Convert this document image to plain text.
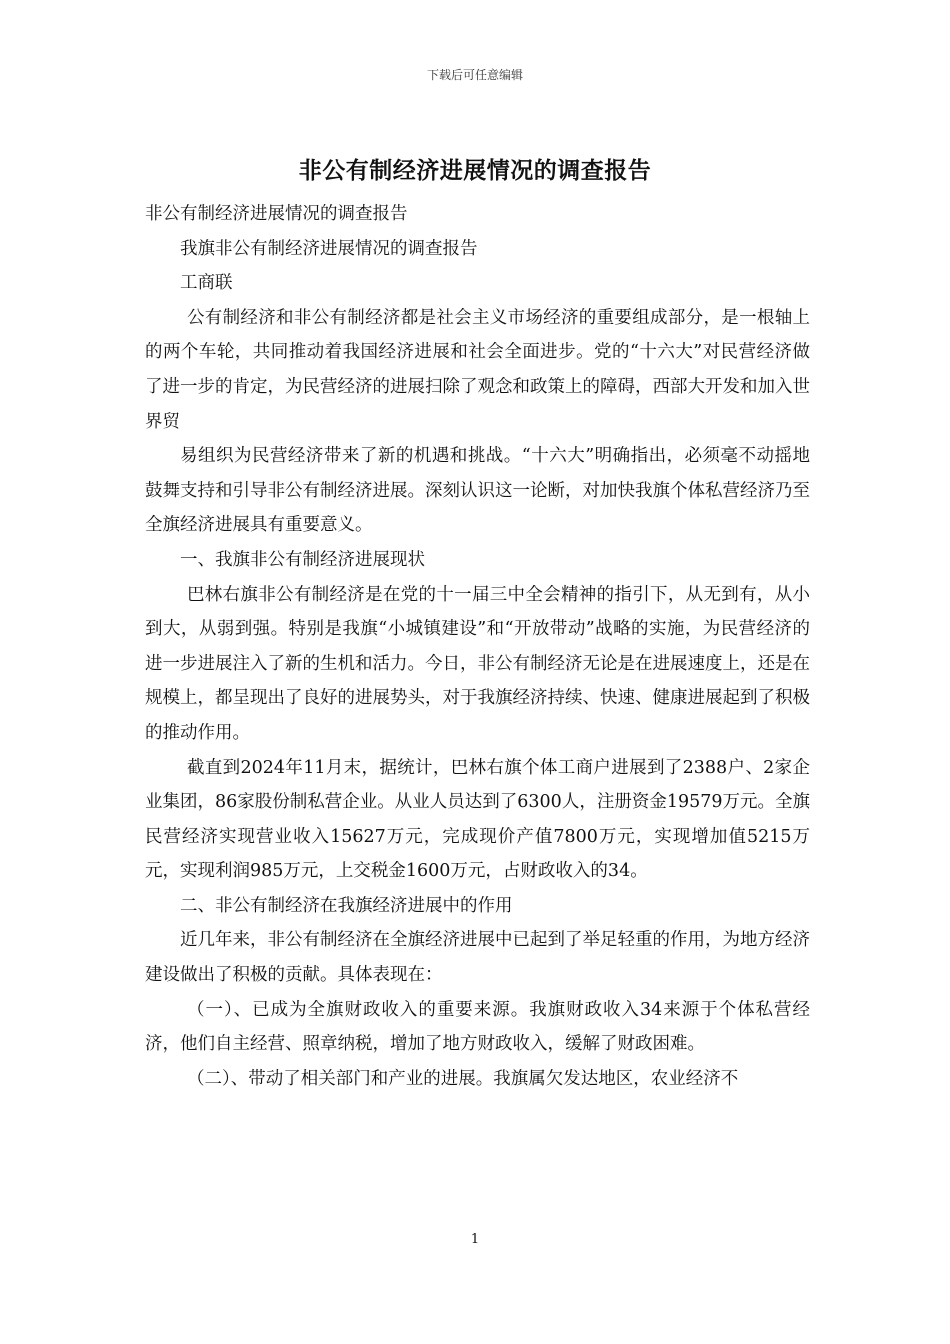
下载后可任意编辑
非公有制经济进展情况的调查报告

非公有制经济进展情况的调查报告

我旗非公有制经济进展情况的调查报告

工商联

公有制经济和非公有制经济都是社会主义市场经济的重要组成部分，是一根轴上的两个车轮，共同推动着我国经济进展和社会全面进步。党的“十六大”对民营经济做了进一步的肯定，为民营经济的进展扫除了观念和政策上的障碍，西部大开发和加入世界贸

易组织为民营经济带来了新的机遇和挑战。“十六大”明确指出，必须毫不动摇地鼓舞支持和引导非公有制经济进展。深刻认识这一论断，对加快我旗个体私营经济乃至全旗经济进展具有重要意义。

一、我旗非公有制经济进展现状

巴林右旗非公有制经济是在党的十一届三中全会精神的指引下，从无到有，从小到大，从弱到强。特别是我旗“小城镇建设”和“开放带动”战略的实施，为民营经济的进一步进展注入了新的生机和活力。今日，非公有制经济无论是在进展速度上，还是在规模上，都呈现出了良好的进展势头，对于我旗经济持续、快速、健康进展起到了积极的推动作用。

截直到2024年11月末，据统计，巴林右旗个体工商户进展到了2388户、2家企业集团，86家股份制私营企业。从业人员达到了6300人，注册资金19579万元。全旗民营经济实现营业收入15627万元，完成现价产值7800万元，实现增加值5215万元，实现利润985万元，上交税金1600万元，占财政收入的34。

二、非公有制经济在我旗经济进展中的作用

近几年来，非公有制经济在全旗经济进展中已起到了举足轻重的作用，为地方经济建设做出了积极的贡献。具体表现在：

（一）、已成为全旗财政收入的重要来源。我旗财政收入34来源于个体私营经济，他们自主经营、照章纳税，增加了地方财政收入，缓解了财政困难。

（二）、带动了相关部门和产业的进展。我旗属欠发达地区，农业经济不

1
